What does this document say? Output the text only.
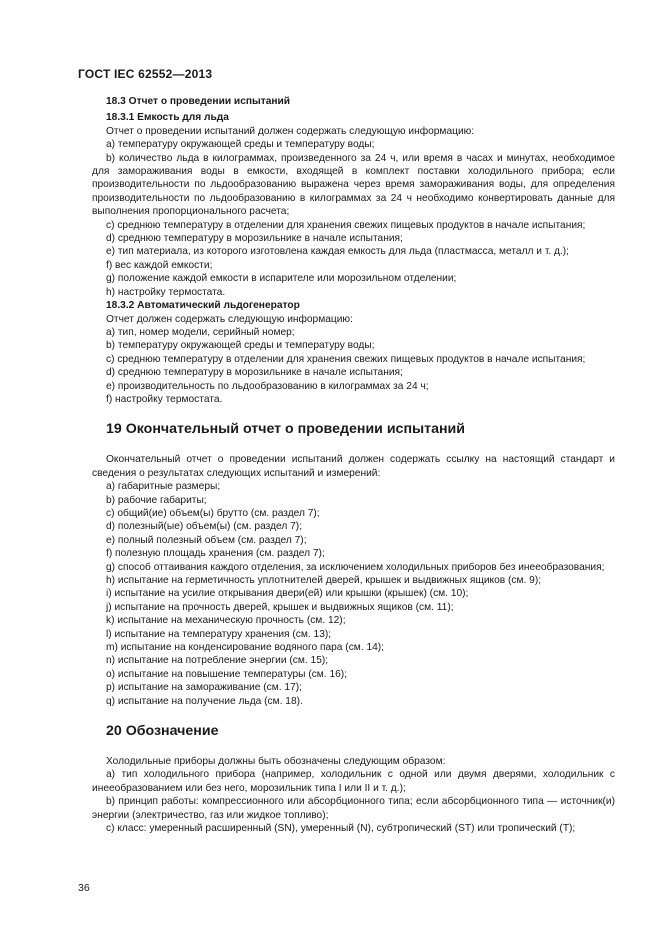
ГОСТ IEC 62552—2013

18.3 Отчет о проведении испытаний

18.3.1 Емкость для льда

Отчет о проведении испытаний должен содержать следующую информацию:

a) температуру окружающей среды и температуру воды;

b) количество льда в килограммах, произведенного за 24 ч, или время в часах и минутах, необходимое для замораживания воды в емкости, входящей в комплект поставки холодильного прибора; если производительности по льдообразованию выражена через время замораживания воды, для определения производительности по льдообразованию в килограммах за 24 ч необходимо конвертировать данные для выполнения пропорционального расчета;

c) среднюю температуру в отделении для хранения свежих пищевых продуктов в начале испытания;

d) среднюю температуру в морозильнике в начале испытания;

e) тип материала, из которого изготовлена каждая емкость для льда (пластмасса, металл и т. д.);

f) вес каждой емкости;

g) положение каждой емкости в испарителе или морозильном отделении;

h) настройку термостата.

18.3.2 Автоматический льдогенератор

Отчет должен содержать следующую информацию:

a) тип, номер модели, серийный номер;

b) температуру окружающей среды и температуру воды;

c) среднюю температуру в отделении для хранения свежих пищевых продуктов в начале испытания;

d) среднюю температуру в морозильнике в начале испытания;

e) производительность по льдообразованию в килограммах за 24 ч;

f) настройку термостата.

19 Окончательный отчет о проведении испытаний

Окончательный отчет о проведении испытаний должен содержать ссылку на настоящий стандарт и сведения о результатах следующих испытаний и измерений:

a) габаритные размеры;

b) рабочие габариты;

c) общий(ие) объем(ы) брутто (см. раздел 7);

d) полезный(ые) объем(ы) (см. раздел 7);

e) полный полезный объем (см. раздел 7);

f) полезную площадь хранения (см. раздел 7);

g) способ оттаивания каждого отделения, за исключением холодильных приборов без инееобразования;

h) испытание на герметичность уплотнителей дверей, крышек и выдвижных ящиков (см. 9);

i) испытание на усилие открывания двери(ей) или крышки (крышек) (см. 10);

j) испытание на прочность дверей, крышек и выдвижных ящиков (см. 11);

k) испытание на механическую прочность (см. 12);

l) испытание на температуру хранения (см. 13);

m) испытание на конденсирование водяного пара (см. 14);

n) испытание на потребление энергии (см. 15);

o) испытание на повышение температуры (см. 16);

p) испытание на замораживание (см. 17);

q) испытание на получение льда (см. 18).

20 Обозначение

Холодильные приборы должны быть обозначены следующим образом:

a) тип холодильного прибора (например, холодильник с одной или двумя дверями, холодильник с инееобразованием или без него, морозильник типа I или II и т. д.);

b) принцип работы: компрессионного или абсорбционного типа; если абсорбционного типа — источник(и) энергии (электричество, газ или жидкое топливо);

c) класс: умеренный расширенный (SN), умеренный (N), субтропический (ST) или тропический (T);

36
